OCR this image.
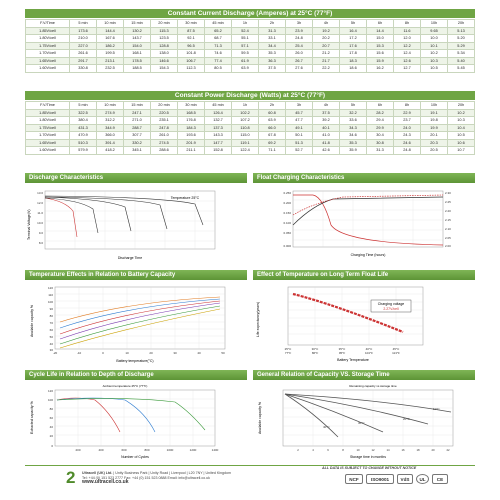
Constant Current Discharge (Amperes) at 25°C (77°F)
F.V/Time	5 min	10 min	15 min	20 min	30 min	45 min	1h	2h	3h	4h	5h	6h	8h	10h	20h
1.85V/cell	173.6	144.4	130.2	115.3	87.5	65.2	52.4	31.3	23.9	19.2	16.4	14.4	11.6	9.65	5.13
1.80V/cell	210.0	167.6	143.7	123.5	92.1	68.7	55.1	33.1	24.8	20.2	17.2	15.0	12.0	10.0	5.20
1.75V/cell	227.0	186.2	154.0	128.8	96.5	71.3	57.1	34.4	25.4	20.7	17.6	15.3	12.2	10.1	5.29
1.70V/cell	261.6	199.5	168.1	138.0	101.8	74.6	59.5	35.3	26.0	21.2	17.8	15.6	12.4	10.2	5.34
1.65V/cell	291.7	213.1	178.5	146.6	106.7	77.4	61.9	36.3	26.7	21.7	18.3	15.9	12.6	10.3	5.40
1.60V/cell	330.8	232.5	188.5	154.3	112.3	80.5	63.9	37.5	27.6	22.2	18.6	16.2	12.7	10.5	5.45
Constant Power Discharge (Watts) at 25°C (77°F)
F.V/Time	5 min	10 min	15 min	20 min	30 min	45 min	1h	2h	3h	4h	5h	6h	8h	10h	20h
1.85V/cell	322.5	274.9	247.1	220.5	168.5	126.4	102.2	60.8	45.7	37.5	32.2	28.2	22.9	19.1	10.2
1.80V/cell	380.4	312.2	271.0	235.1	176.8	132.7	107.2	63.9	47.7	39.2	33.6	29.4	23.7	19.8	10.3
1.75V/cell	431.3	344.9	288.7	247.8	184.3	137.3	110.8	66.0	49.1	40.1	34.3	29.9	24.0	19.9	10.4
1.70V/cell	470.9	366.0	307.7	261.0	193.6	143.3	115.0	67.8	50.1	41.0	34.6	30.4	24.3	20.1	10.5
1.65V/cell	510.3	391.4	330.2	274.5	201.9	147.7	119.1	69.2	51.3	41.8	35.3	30.8	24.6	20.3	10.6
1.60V/cell	579.9	418.2	345.1	288.6	211.1	152.8	122.4	71.1	52.7	42.6	35.9	31.3	24.8	20.5	10.7
Discharge Characteristics	Float Charging Characteristics
Temperature Effects in Relation to Battery Capacity	Effect of Temperature on Long Term Float Life
Cycle Life in Relation to Depth of Discharge	General Relation of Capacity VS. Storage Time
Terminal Voltage(V)
13.0
12.0
11.0
10.0
9.0
8.0
Temperature 25°C
Discharge Time
0.250
0.200
0.150
0.100
0.050
0.000
2.30
2.25
2.20
2.15
2.10
2.05
2.00
Charging Time (hours)
Available capacity %
120
110
100
90
80
70
60
50
40
30
-20	-10	0	10	20	30	40	50
Battery temperature(°C)
Life expectancy(years)	Charging voltage
2.27V/cell
25°C	30°C	35°C	40°C	45°C
77°F	86°F	95°F	104°F	113°F
Battery Temperature
Extracted capacity %
Ambient temperature 25°C (77°F)
120
100
80
60
40
20
0
200	400	600	800	1000	1200	1400
Number of Cycles
Available capacity %
Remaining capacity vs storage time
40°C
30°C
20°C
10°C
2	4	6	8	10	12	14	16	18	20	22
Storage time in months
2 Ultracell (UK) Ltd. | Unity Business Park | Unity Road | Liverpool | L20 7NY | United Kingdom
Tel: +44 (0) 151 523 2777 Fax: +44 (0) 151 523 0888 Email: info@ultracell.co.uk
www.ultracell.co.uk
ALL DATA IS SUBJECT TO CHANGE WITHOUT NOTICE
NCF	ISO9001	VdS	UL	CE
